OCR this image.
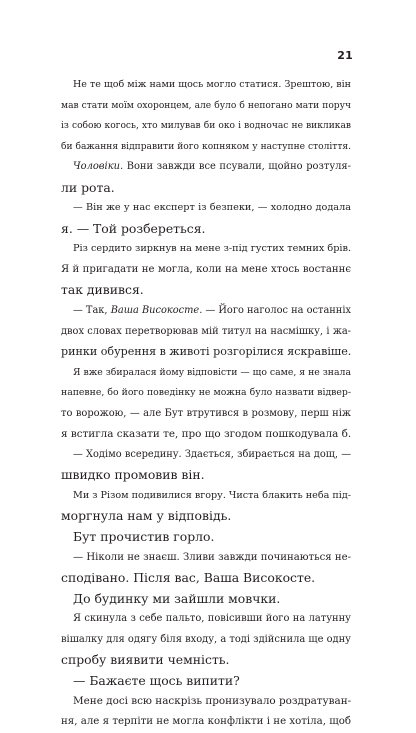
21
Не те щоб між нами щось могло статися. Зрештою, він
мав стати моїм охоронцем, але було б непогано мати поруч
із собою когось, хто милував би око і водночас не викликав
би бажання відправити його копняком у наступне століття.
Чоловіки. Вони завжди все псували, щойно розтуля-
ли рота.
— Він же у нас експерт із безпеки, — холодно додала
я. — Той розбереться.
Різ сердито зиркнув на мене з-під густих темних брів.
Я й пригадати не могла, коли на мене хтось востаннє
так дивився.
— Так, Ваша Високосте. — Його наголос на останніх
двох словах перетворював мій титул на насмішку, і жа-
ринки обурення в животі розгорілися яскравіше.
Я вже збиралася йому відповісти — що саме, я не знала
напевне, бо його поведінку не можна було назвати відвер-
то ворожою, — але Бут втрутився в розмову, перш ніж
я встигла сказати те, про що згодом пошкодувала б.
— Ходімо всередину. Здається, збирається на дощ, —
швидко промовив він.
Ми з Різом подивилися вгору. Чиста блакить неба під-
моргнула нам у відповідь.
Бут прочистив горло.
— Ніколи не знаєш. Зливи завжди починаються не-
сподівано. Після вас, Ваша Високосте.
До будинку ми зайшли мовчки.
Я скинула з себе пальто, повісивши його на латунну
вішалку для одягу біля входу, а тоді здійснила ще одну
спробу виявити чемність.
— Бажаєте щось випити?
Мене досі всю наскрізь пронизувало роздратуван-
ня, але я терпіти не могла конфлікти і не хотіла, щоб
